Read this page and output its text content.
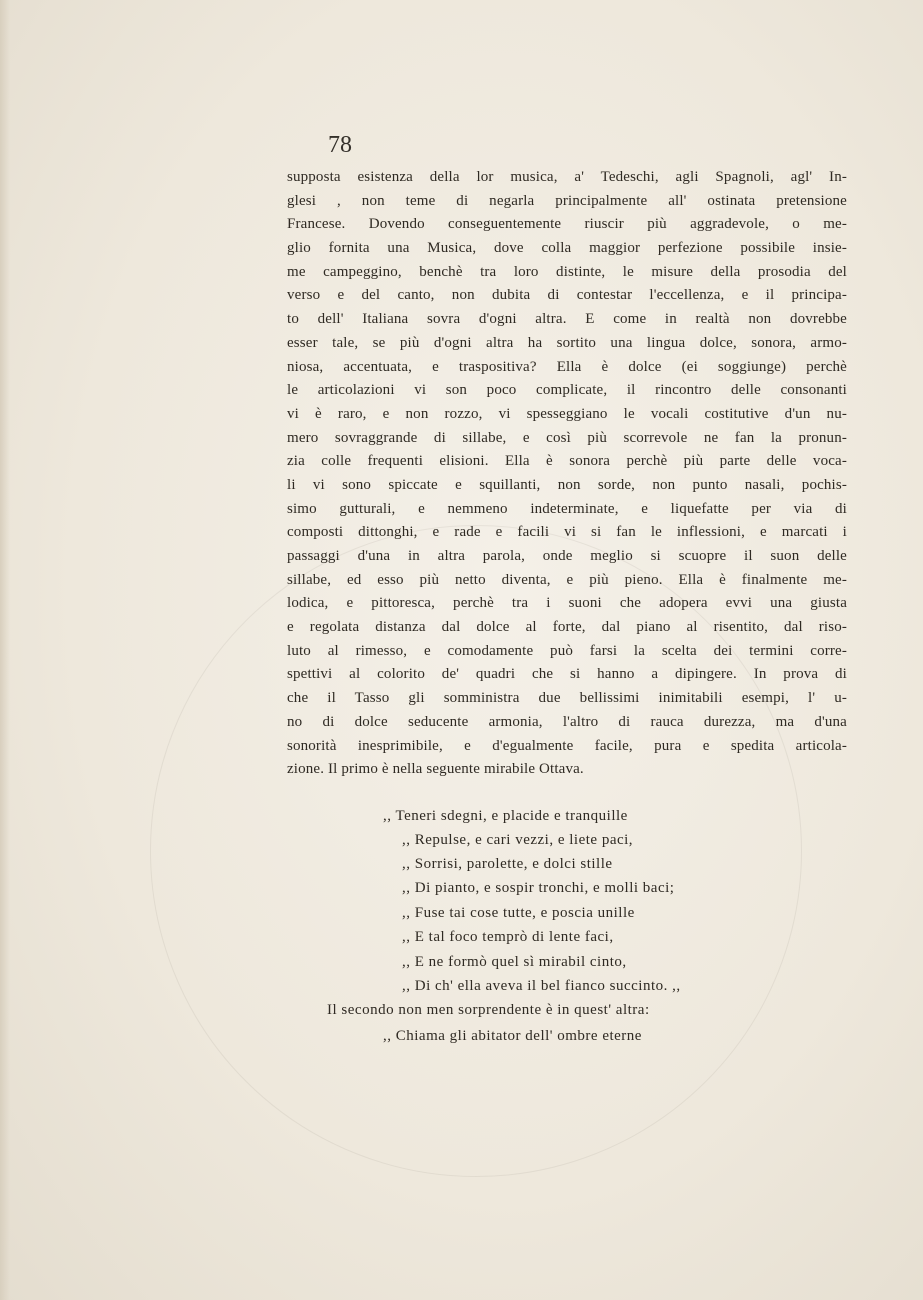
78
supposta esistenza della lor musica, a' Tedeschi, agli Spagnoli, agl' In-
glesi , non teme di negarla principalmente all' ostinata pretensione
Francese. Dovendo conseguentemente riuscir più aggradevole, o me-
glio fornita una Musica, dove colla maggior perfezione possibile insie-
me campeggino, benchè tra loro distinte, le misure della prosodia del
verso e del canto, non dubita di contestar l'eccellenza, e il principa-
to dell' Italiana sovra d'ogni altra. E come in realtà non dovrebbe
esser tale, se più d'ogni altra ha sortito una lingua dolce, sonora, armo-
niosa, accentuata, e traspositiva? Ella è dolce (ei soggiunge) perchè
le articolazioni vi son poco complicate, il rincontro delle consonanti
vi è raro, e non rozzo, vi spesseggiano le vocali costitutive d'un nu-
mero sovraggrande di sillabe, e così più scorrevole ne fan la pronun-
zia colle frequenti elisioni. Ella è sonora perchè più parte delle voca-
li vi sono spiccate e squillanti, non sorde, non punto nasali, pochis-
simo gutturali, e nemmeno indeterminate, e liquefatte per via di
composti dittonghi, e rade e facili vi si fan le inflessioni, e marcati i
passaggi d'una in altra parola, onde meglio si scuopre il suon delle
sillabe, ed esso più netto diventa, e più pieno. Ella è finalmente me-
lodica, e pittoresca, perchè tra i suoni che adopera evvi una giusta
e regolata distanza dal dolce al forte, dal piano al risentito, dal riso-
luto al rimesso, e comodamente può farsi la scelta dei termini corre-
spettivi al colorito de' quadri che si hanno a dipingere. In prova di
che il Tasso gli somministra due bellissimi inimitabili esempi, l' u-
no di dolce seducente armonia, l'altro di rauca durezza, ma d'una
sonorità inesprimibile, e d'egualmente facile, pura e spedita articola-
zione. Il primo è nella seguente mirabile Ottava.
,, Teneri sdegni, e placide e tranquille
,, Repulse, e cari vezzi, e liete paci,
,, Sorrisi, parolette, e dolci stille
,, Di pianto, e sospir tronchi, e molli baci;
,, Fuse tai cose tutte, e poscia unille
,, E tal foco temprò di lente faci,
,, E ne formò quel sì mirabil cinto,
,, Di ch' ella aveva il bel fianco succinto. ,,
Il secondo non men sorprendente è in quest' altra:
,, Chiama gli abitator dell' ombre eterne
